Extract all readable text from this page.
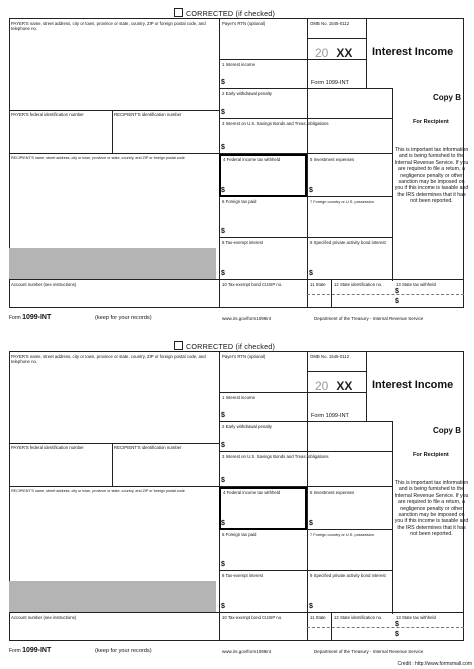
CORRECTED (if checked)
PAYER'S name, street address, city or town, province or state, country, ZIP or foreign postal code, and telephone no.
Payer's RTN (optional)	OMB No. 1545-0112
20 XX Interest Income
Form 1099-INT
1 Interest income
$
2 Early withdrawal penalty
$
3 Interest on U.S. Savings Bonds and Treas. obligations
$
PAYER'S federal identification number	RECIPIENT'S identification number
RECIPIENT'S name, street address, city or town, province or state, country, and ZIP or foreign postal code	4 Federal income tax withheld
$
5 Investment expenses
$
6 Foreign tax paid
$
7 Foreign country or U.S. possession
8 Tax-exempt interest
$
9 Specified private activity bond interest
$
Account number (see instructions)	10 Tax-exempt bond CUSIP no.	11 State 12 State identification no.	13 State tax withheld
$
$
Copy B
For Recipient
This is important tax information and is being furnished to the Internal Revenue Service. If you are required to file a return, a negligence penalty or other sanction may be imposed on you if this income is taxable and the IRS determines that it has not been reported.
Form 1099-INT	(keep for your records)	www.irs.gov/form1099int	Department of the Treasury - Internal Revenue Service
CORRECTED (if checked)
PAYER'S name, street address, city or town, province or state, country, ZIP or foreign postal code, and telephone no.
Payer's RTN (optional)	OMB No. 1545-0112
20 XX Interest Income
Form 1099-INT
1 Interest income
$
2 Early withdrawal penalty
$
3 Interest on U.S. Savings Bonds and Treas. obligations
$
PAYER'S federal identification number	RECIPIENT'S identification number
RECIPIENT'S name, street address, city or town, province or state, country, and ZIP or foreign postal code	4 Federal income tax withheld
$
5 Investment expenses
$
6 Foreign tax paid
$
7 Foreign country or U.S. possession
8 Tax-exempt interest
$
9 Specified private activity bond interest
$
Account number (see instructions)	10 Tax-exempt bond CUSIP no.	11 State 12 State identification no.	13 State tax withheld
$
$
Copy B
For Recipient
This is important tax information and is being furnished to the Internal Revenue Service. If you are required to file a return, a negligence penalty or other sanction may be imposed on you if this income is taxable and the IRS determines that it has not been reported.
Form 1099-INT	(keep for your records)	www.irs.gov/form1099int	Department of the Treasury - Internal Revenue Service
Credit : http://www.formsmall.com
